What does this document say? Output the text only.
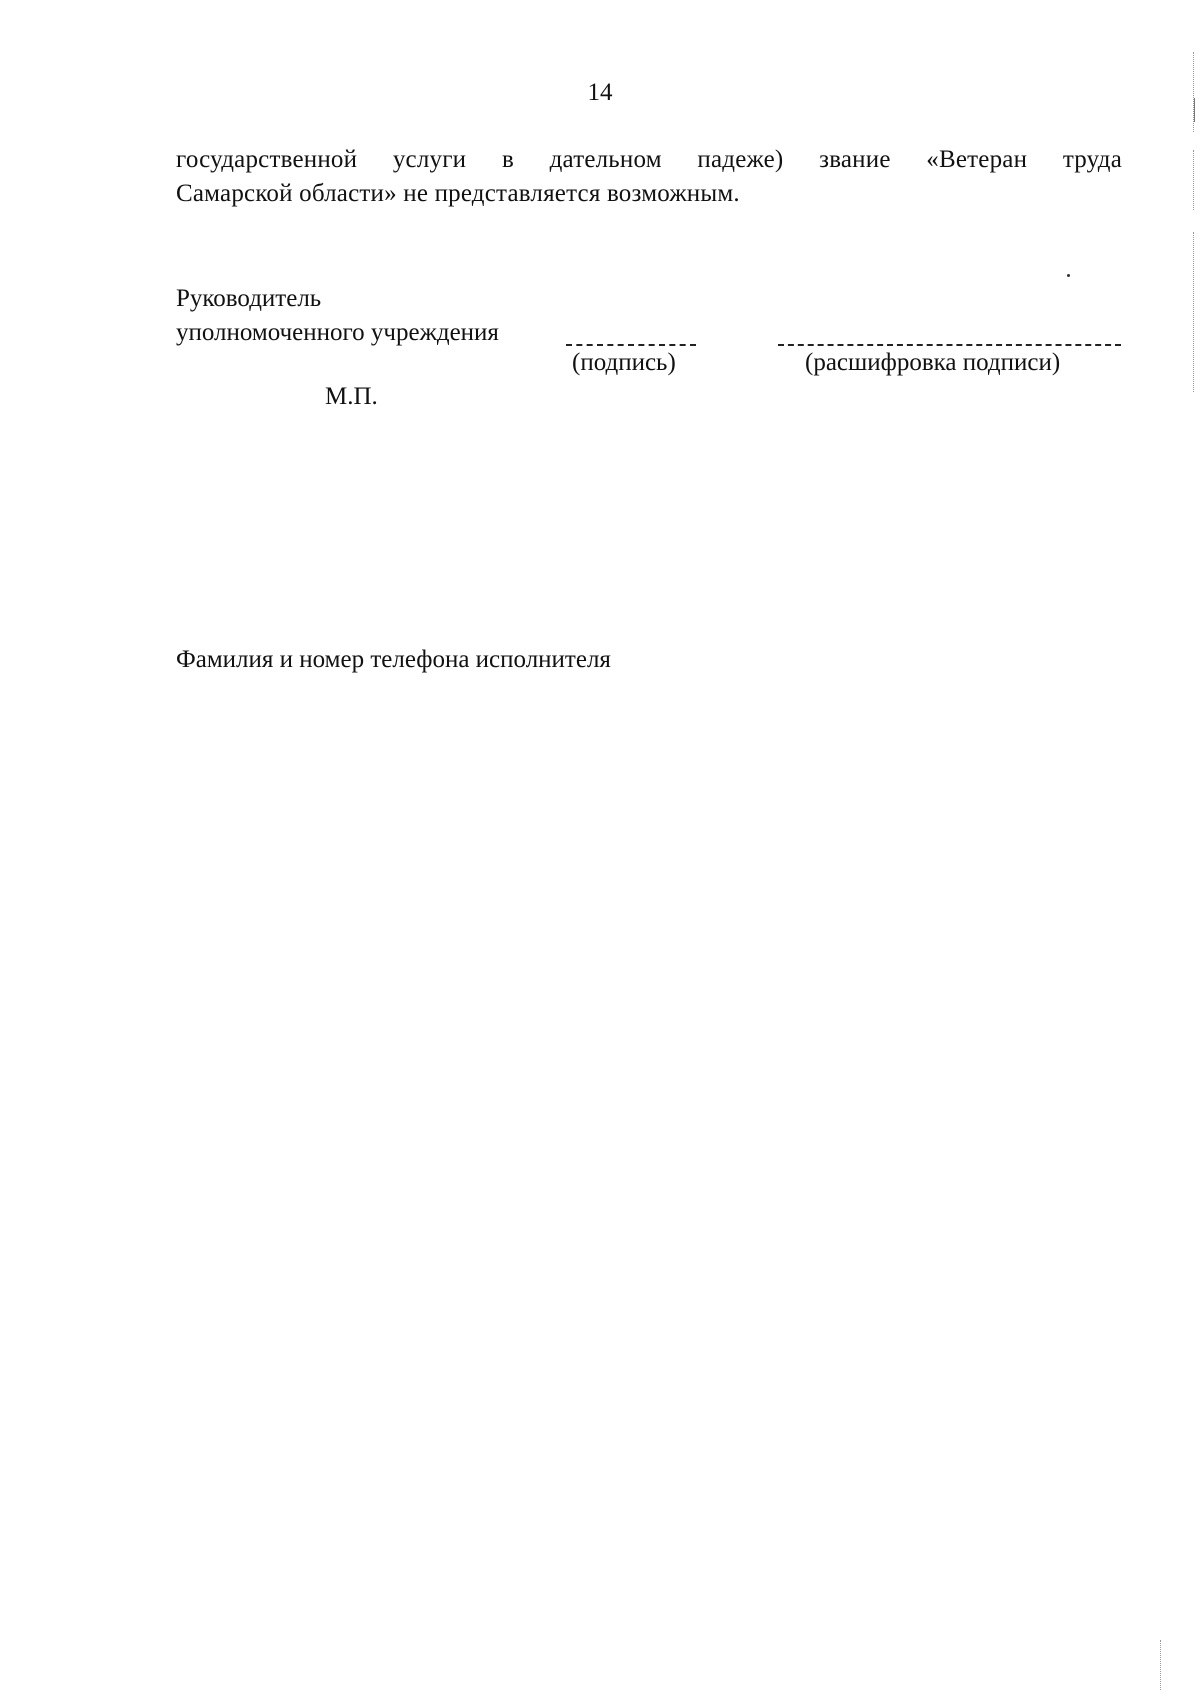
14
государственной услуги в дательном падеже) звание «Ветеран труда
Самарской области» не представляется возможным.
Руководитель
уполномоченного учреждения
(подпись)	(расшифровка подписи)
М.П.
Фамилия и номер телефона исполнителя
